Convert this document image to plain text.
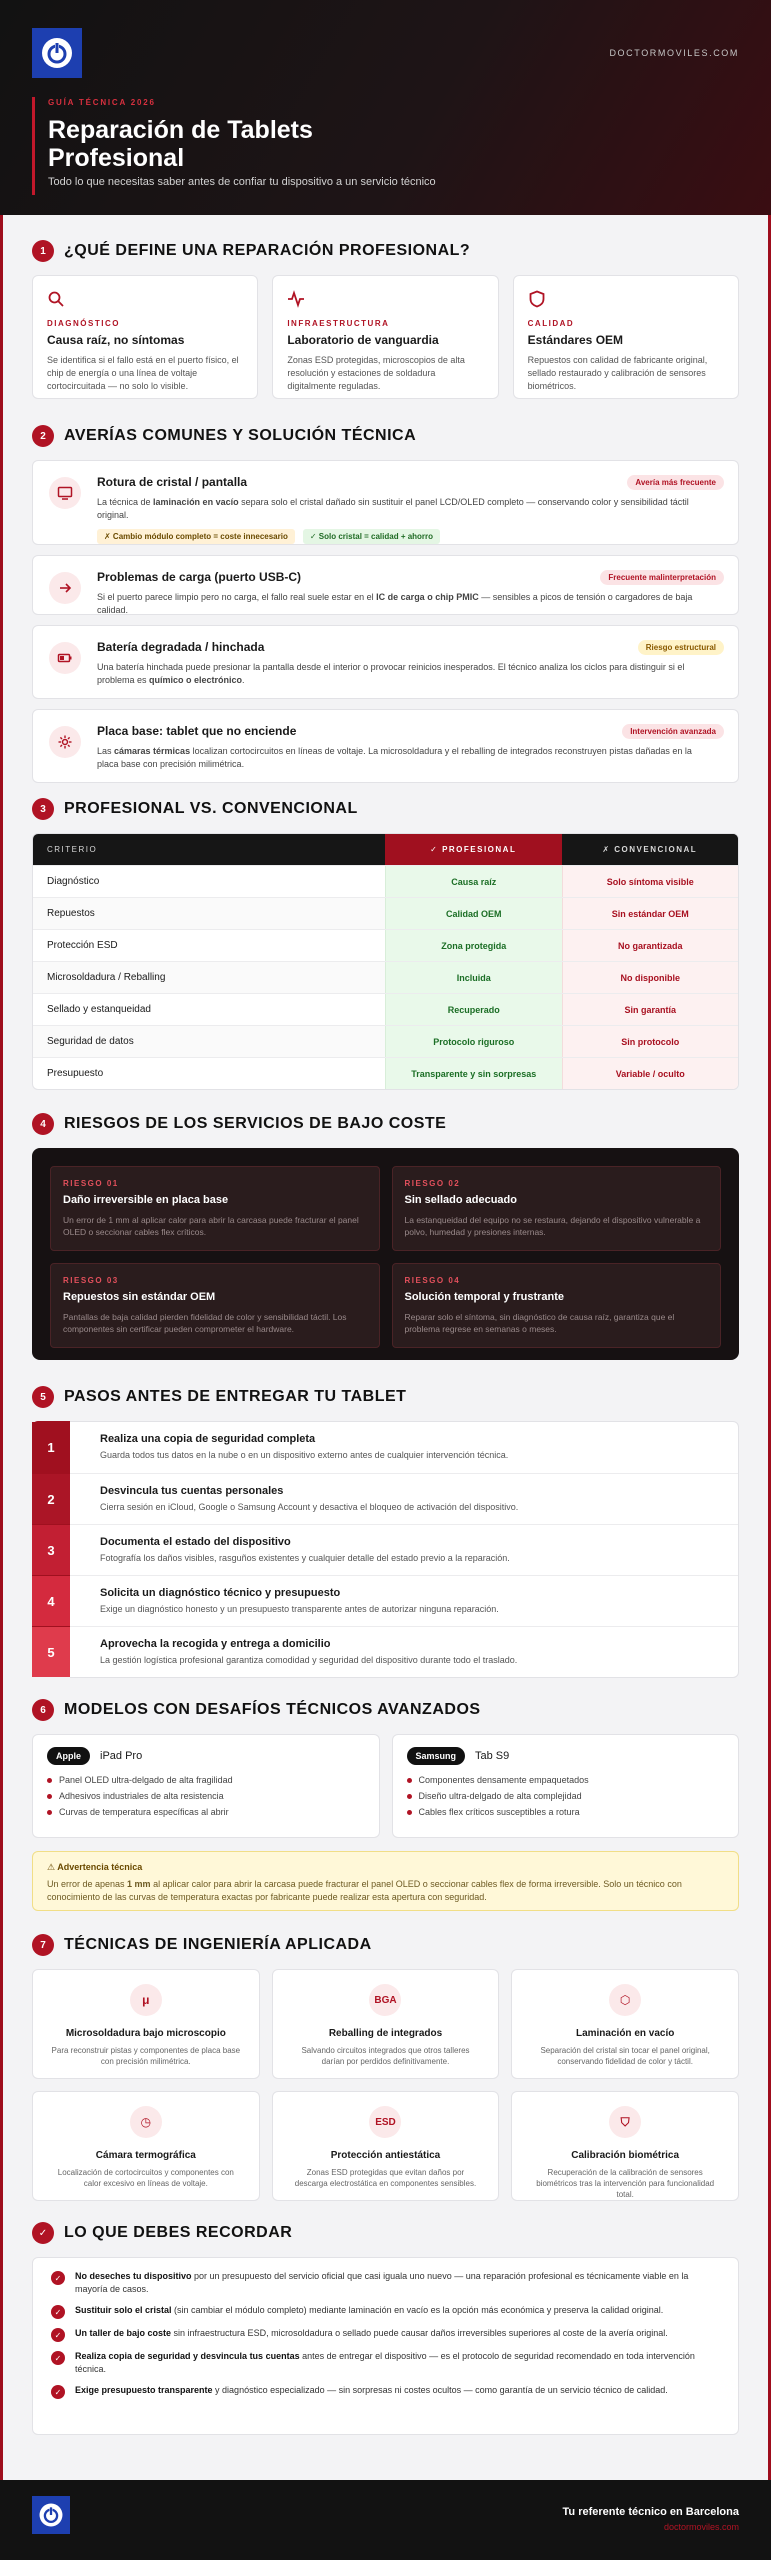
DOCTORMOVILES.COM
GUÍA TÉCNICA 2026
Reparación de Tablets
Profesional
Todo lo que necesitas saber antes de confiar tu dispositivo a un servicio técnico
1	¿QUÉ DEFINE UNA REPARACIÓN PROFESIONAL?
DIAGNÓSTICO
Causa raíz, no síntomas
Se identifica si el fallo está en el puerto físico, el chip de energía o una línea de voltaje cortocircuitada — no solo lo visible.
INFRAESTRUCTURA
Laboratorio de vanguardia
Zonas ESD protegidas, microscopios de alta resolución y estaciones de soldadura digitalmente reguladas.
CALIDAD
Estándares OEM
Repuestos con calidad de fabricante original, sellado restaurado y calibración de sensores biométricos.
2	AVERÍAS COMUNES Y SOLUCIÓN TÉCNICA
Rotura de cristal / pantalla
La técnica de laminación en vacío separa solo el cristal dañado sin sustituir el panel LCD/OLED completo — conservando color y sensibilidad táctil original.
✗ Cambio módulo completo = coste innecesario	✓ Solo cristal = calidad + ahorro
Avería más frecuente
Problemas de carga (puerto USB-C)
Si el puerto parece limpio pero no carga, el fallo real suele estar en el IC de carga o chip PMIC — sensibles a picos de tensión o cargadores de baja calidad.
Frecuente malinterpretación
Batería degradada / hinchada
Una batería hinchada puede presionar la pantalla desde el interior o provocar reinicios inesperados. El técnico analiza los ciclos para distinguir si el problema es químico o electrónico.
Riesgo estructural
Placa base: tablet que no enciende
Las cámaras térmicas localizan cortocircuitos en líneas de voltaje. La microsoldadura y el reballing de integrados reconstruyen pistas dañadas en la placa base con precisión milimétrica.
Intervención avanzada
3	PROFESIONAL VS. CONVENCIONAL
CRITERIO	✓ PROFESIONAL	✗ CONVENCIONAL
Diagnóstico	Causa raíz	Solo síntoma visible
Repuestos	Calidad OEM	Sin estándar OEM
Protección ESD	Zona protegida	No garantizada
Microsoldadura / Reballing	Incluida	No disponible
Sellado y estanqueidad	Recuperado	Sin garantía
Seguridad de datos	Protocolo riguroso	Sin protocolo
Presupuesto	Transparente y sin sorpresas	Variable / oculto
4	RIESGOS DE LOS SERVICIOS DE BAJO COSTE
RIESGO 01
Daño irreversible en placa base
Un error de 1 mm al aplicar calor para abrir la carcasa puede fracturar el panel OLED o seccionar cables flex críticos.
RIESGO 02
Sin sellado adecuado
La estanqueidad del equipo no se restaura, dejando el dispositivo vulnerable a polvo, humedad y presiones internas.
RIESGO 03
Repuestos sin estándar OEM
Pantallas de baja calidad pierden fidelidad de color y sensibilidad táctil. Los componentes sin certificar pueden comprometer el hardware.
RIESGO 04
Solución temporal y frustrante
Reparar solo el síntoma, sin diagnóstico de causa raíz, garantiza que el problema regrese en semanas o meses.
5	PASOS ANTES DE ENTREGAR TU TABLET
1
Realiza una copia de seguridad completa
Guarda todos tus datos en la nube o en un dispositivo externo antes de cualquier intervención técnica.
2
Desvincula tus cuentas personales
Cierra sesión en iCloud, Google o Samsung Account y desactiva el bloqueo de activación del dispositivo.
3
Documenta el estado del dispositivo
Fotografía los daños visibles, rasguños existentes y cualquier detalle del estado previo a la reparación.
4
Solicita un diagnóstico técnico y presupuesto
Exige un diagnóstico honesto y un presupuesto transparente antes de autorizar ninguna reparación.
5
Aprovecha la recogida y entrega a domicilio
La gestión logística profesional garantiza comodidad y seguridad del dispositivo durante todo el traslado.
6	MODELOS CON DESAFÍOS TÉCNICOS AVANZADOS
Apple	iPad Pro
Panel OLED ultra-delgado de alta fragilidad
Adhesivos industriales de alta resistencia
Curvas de temperatura específicas al abrir
Samsung	Tab S9
Componentes densamente empaquetados
Diseño ultra-delgado de alta complejidad
Cables flex críticos susceptibles a rotura
⚠ Advertencia técnica
Un error de apenas 1 mm al aplicar calor para abrir la carcasa puede fracturar el panel OLED o seccionar cables flex de forma irreversible. Solo un técnico con conocimiento de las curvas de temperatura exactas por fabricante puede realizar esta apertura con seguridad.
7	TÉCNICAS DE INGENIERÍA APLICADA
μ
Microsoldadura bajo microscopio
Para reconstruir pistas y componentes de placa base con precisión milimétrica.
BGA
Reballing de integrados
Salvando circuitos integrados que otros talleres darían por perdidos definitivamente.
⬡
Laminación en vacío
Separación del cristal sin tocar el panel original, conservando fidelidad de color y táctil.
◷
Cámara termográfica
Localización de cortocircuitos y componentes con calor excesivo en líneas de voltaje.
ESD
Protección antiestática
Zonas ESD protegidas que evitan daños por descarga electrostática en componentes sensibles.
⛉
Calibración biométrica
Recuperación de la calibración de sensores biométricos tras la intervención para funcionalidad total.
✓	LO QUE DEBES RECORDAR
✓	No deseches tu dispositivo por un presupuesto del servicio oficial que casi iguala uno nuevo — una reparación profesional es técnicamente viable en la mayoría de casos.
✓	Sustituir solo el cristal (sin cambiar el módulo completo) mediante laminación en vacío es la opción más económica y preserva la calidad original.
✓	Un taller de bajo coste sin infraestructura ESD, microsoldadura o sellado puede causar daños irreversibles superiores al coste de la avería original.
✓	Realiza copia de seguridad y desvincula tus cuentas antes de entregar el dispositivo — es el protocolo de seguridad recomendado en toda intervención técnica.
✓	Exige presupuesto transparente y diagnóstico especializado — sin sorpresas ni costes ocultos — como garantía de un servicio técnico de calidad.
Tu referente técnico en Barcelona
doctormoviles.com
